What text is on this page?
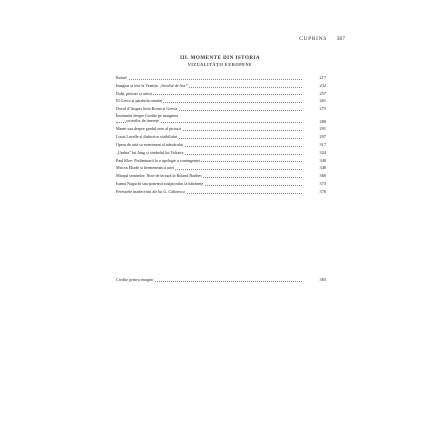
CUPRINS 387
III. MOMENTE DIN ISTORIA
VIZUALITĂȚII EUROPENE
Rafael	217
Imagine și text la Veneția. „Secolul de Aur”	232
Dalți, pietrari și urieși	257
El Greco și parabola omului	261
David d’Angers între Roma și Grecia	275
Însemnări despre Goethe pe marginea
scrierilor de tinerețe	280
Manet sau despre gradul zero al picturii	291
Louis Lavelle și dialectica vizibilului	297
Opera de artă ca eveniment al adevărului	317
„Umbra” lui Jung și simbolul lui Voltaire	324
Paul Klee: Preliminarii la o apologie a contingenței	340
Mircea Eliade și hermeneutica artei	348
Mirajul semnelor: Note de lectură la Roland Barthes	360
Isamu Noguchi sau portretul sculptorului la bătrânețe	373
Ferestrele inadecvării ale lui G. Călinescu	376
Credite pentru imagini	383
